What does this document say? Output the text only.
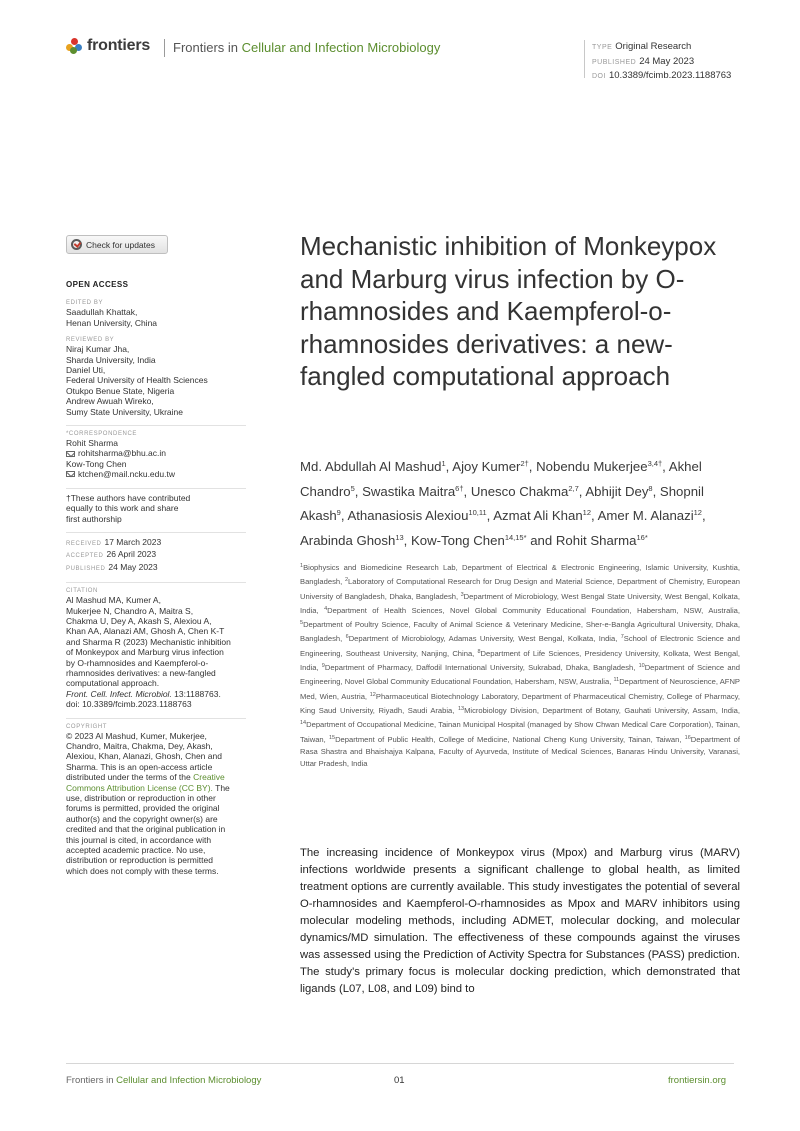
frontiers Frontiers in Cellular and Infection Microbiology	TYPE Original Research
PUBLISHED 24 May 2023
DOI 10.3389/fcimb.2023.1188763
Check for updates
OPEN ACCESS
EDITED BY
Saadullah Khattak,
Henan University, China
REVIEWED BY
Niraj Kumar Jha,
Sharda University, India
Daniel Uti,
Federal University of Health Sciences
Otukpo Benue State, Nigeria
Andrew Awuah Wireko,
Sumy State University, Ukraine
*CORRESPONDENCE
Rohit Sharma
rohitsharma@bhu.ac.in
Kow-Tong Chen
ktchen@mail.ncku.edu.tw
†These authors have contributed
equally to this work and share
first authorship
RECEIVED 17 March 2023
ACCEPTED 26 April 2023
PUBLISHED 24 May 2023
CITATION
Al Mashud MA, Kumer A,
Mukerjee N, Chandro A, Maitra S,
Chakma U, Dey A, Akash S, Alexiou A,
Khan AA, Alanazi AM, Ghosh A, Chen K-T
and Sharma R (2023) Mechanistic inhibition
of Monkeypox and Marburg virus infection
by O-rhamnosides and Kaempferol-o-
rhamnosides derivatives: a new-fangled
computational approach.
Front. Cell. Infect. Microbiol. 13:1188763.
doi: 10.3389/fcimb.2023.1188763
COPYRIGHT
© 2023 Al Mashud, Kumer, Mukerjee,
Chandro, Maitra, Chakma, Dey, Akash,
Alexiou, Khan, Alanazi, Ghosh, Chen and
Sharma. This is an open-access article
distributed under the terms of the Creative
Commons Attribution License (CC BY). The
use, distribution or reproduction in other
forums is permitted, provided the original
author(s) and the copyright owner(s) are
credited and that the original publication in
this journal is cited, in accordance with
accepted academic practice. No use,
distribution or reproduction is permitted
which does not comply with these terms.
Mechanistic inhibition of Monkeypox and Marburg virus infection by O-rhamnosides and Kaempferol-o-rhamnosides derivatives: a new-fangled computational approach
Md. Abdullah Al Mashud$^1$, Ajoy Kumer$^{2\dagger}$, Nobendu Mukerjee$^{3,4\dagger}$, Akhel Chandro$^5$, Swastika Maitra$^{6\dagger}$, Unesco Chakma$^{2,7}$, Abhijit Dey$^8$, Shopnil Akash$^9$, Athanasiosis Alexiou$^{10,11}$, Azmat Ali Khan$^{12}$, Amer M. Alanazi$^{12}$, Arabinda Ghosh$^{13}$, Kow-Tong Chen$^{14,15*}$ and Rohit Sharma$^{16*}$
$^1$Biophysics and Biomedicine Research Lab, Department of Electrical & Electronic Engineering, Islamic University, Kushtia, Bangladesh, $^2$Laboratory of Computational Research for Drug Design and Material Science, Department of Chemistry, European University of Bangladesh, Dhaka, Bangladesh, $^3$Department of Microbiology, West Bengal State University, West Bengal, Kolkata, India, $^4$Department of Health Sciences, Novel Global Community Educational Foundation, Habersham, NSW, Australia, $^5$Department of Poultry Science, Faculty of Animal Science & Veterinary Medicine, Sher-e-Bangla Agricultural University, Dhaka, Bangladesh, $^6$Department of Microbiology, Adamas University, West Bengal, Kolkata, India, $^7$School of Electronic Science and Engineering, Southeast University, Nanjing, China, $^8$Department of Life Sciences, Presidency University, Kolkata, West Bengal, India, $^9$Department of Pharmacy, Daffodil International University, Sukrabad, Dhaka, Bangladesh, $^{10}$Department of Science and Engineering, Novel Global Community Educational Foundation, Habersham, NSW, Australia, $^{11}$Department of Neuroscience, AFNP Med, Wien, Austria, $^{12}$Pharmaceutical Biotechnology Laboratory, Department of Pharmaceutical Chemistry, College of Pharmacy, King Saud University, Riyadh, Saudi Arabia, $^{13}$Microbiology Division, Department of Botany, Gauhati University, Assam, India, $^{14}$Department of Occupational Medicine, Tainan Municipal Hospital (managed by Show Chwan Medical Care Corporation), Tainan, Taiwan, $^{15}$Department of Public Health, College of Medicine, National Cheng Kung University, Tainan, Taiwan, $^{16}$Department of Rasa Shastra and Bhaishajya Kalpana, Faculty of Ayurveda, Institute of Medical Sciences, Banaras Hindu University, Varanasi, Uttar Pradesh, India

The increasing incidence of Monkeypox virus (Mpox) and Marburg virus (MARV) infections worldwide presents a significant challenge to global health, as limited treatment options are currently available. This study investigates the potential of several O-rhamnosides and Kaempferol-O-rhamnosides as Mpox and MARV inhibitors using molecular modeling methods, including ADMET, molecular docking, and molecular dynamics/MD simulation. The effectiveness of these compounds against the viruses was assessed using the Prediction of Activity Spectra for Substances (PASS) prediction. The study's primary focus is molecular docking prediction, which demonstrated that ligands (L07, L08, and L09) bind to

Frontiers in Cellular and Infection Microbiology	01	frontiersin.org
